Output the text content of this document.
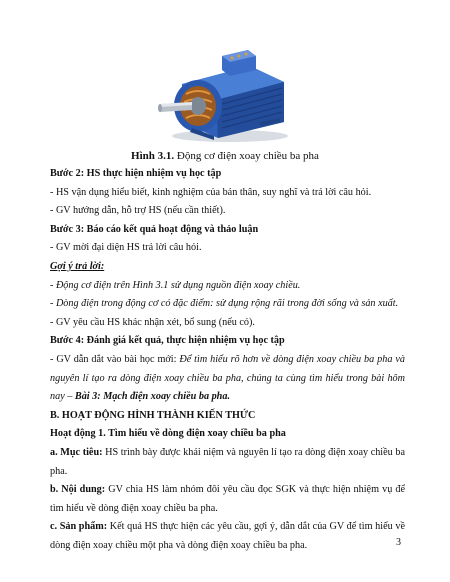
Hình 3.1. Động cơ điện xoay chiều ba pha

Bước 2: HS thực hiện nhiệm vụ học tập

- HS vận dụng hiểu biết, kinh nghiệm của bản thân, suy nghĩ và trả lời câu hỏi.

- GV hướng dẫn, hỗ trợ HS (nếu cần thiết).

Bước 3: Báo cáo kết quả hoạt động và thảo luận

- GV mời đại diện HS trả lời câu hỏi.

Gợi ý trả lời:

- Động cơ điện trên Hình 3.1 sử dụng nguồn điện xoay chiều.

- Dòng điện trong động cơ có đặc điểm: sử dụng rộng rãi trong đời sống và sản xuất.

- GV yêu cầu HS khác nhận xét, bổ sung (nếu có).

Bước 4: Đánh giá kết quả, thực hiện nhiệm vụ học tập

- GV dẫn dắt vào bài học mới: Để tìm hiểu rõ hơn về dòng điện xoay chiều ba pha và nguyên lí tạo ra dòng điện xoay chiều ba pha, chúng ta cùng tìm hiểu trong bài hôm nay – Bài 3: Mạch điện xoay chiều ba pha.

B. HOẠT ĐỘNG HÌNH THÀNH KIẾN THỨC

Hoạt động 1. Tìm hiểu về dòng điện xoay chiều ba pha

a. Mục tiêu: HS trình bày được khái niệm và nguyên lí tạo ra dòng điện xoay chiều ba pha.

b. Nội dung: GV chia HS làm nhóm đôi yêu cầu đọc SGK và thực hiện nhiệm vụ để tìm hiểu về dòng điện xoay chiều ba pha.

c. Sản phẩm: Kết quả HS thực hiện các yêu cầu, gợi ý, dẫn dắt của GV để tìm hiểu về dòng điện xoay chiều một pha và dòng điện xoay chiều ba pha.	3
